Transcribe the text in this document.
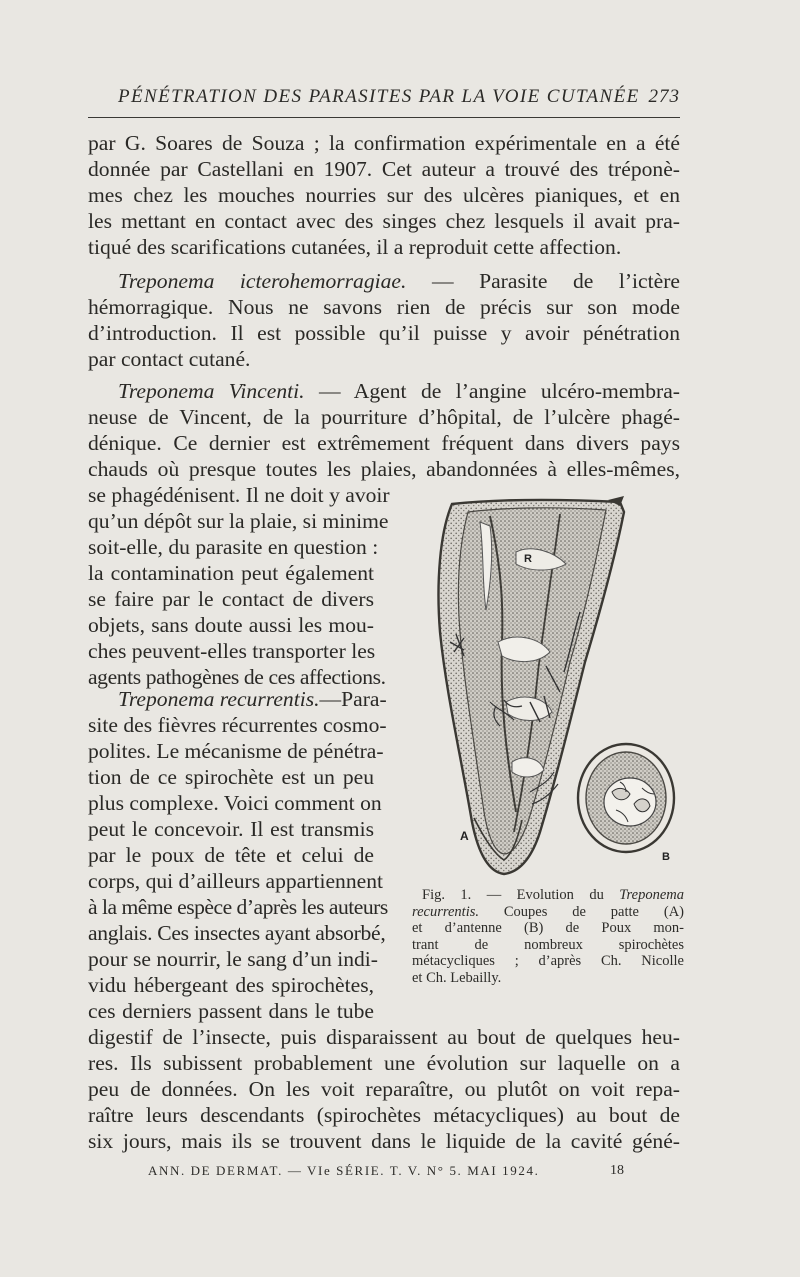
PÉNÉTRATION DES PARASITES PAR LA VOIE CUTANÉE 273
par G. Soares de Souza ; la confirmation expérimentale en a été
donnée par Castellani en 1907. Cet auteur a trouvé des tréponè-
mes chez les mouches nourries sur des ulcères pianiques, et en
les mettant en contact avec des singes chez lesquels il avait pra-
tiqué des scarifications cutanées, il a reproduit cette affection.
Treponema icterohemorragiae. — Parasite de l’ictère
hémorragique. Nous ne savons rien de précis sur son mode
d’introduction. Il est possible qu’il puisse y avoir pénétration
par contact cutané.
Treponema Vincenti. — Agent de l’angine ulcéro-membra-
neuse de Vincent, de la pourriture d’hôpital, de l’ulcère phagé-
dénique. Ce dernier est extrêmement fréquent dans divers pays
chauds où presque toutes les plaies, abandonnées à elles-mêmes,
se phagédénisent. Il ne doit y avoir
qu’un dépôt sur la plaie, si minime
soit-elle, du parasite en question :
la contamination peut également
se faire par le contact de divers
objets, sans doute aussi les mou-
ches peuvent-elles transporter les
agents pathogènes de ces affections.
Treponema recurrentis.—Para-
site des fièvres récurrentes cosmo-
polites. Le mécanisme de pénétra-
tion de ce spirochète est un peu
plus complexe. Voici comment on
peut le concevoir. Il est transmis
par le poux de tête et celui de
corps, qui d’ailleurs appartiennent
à la même espèce d’après les auteurs
anglais. Ces insectes ayant absorbé,
pour se nourrir, le sang d’un indi-
vidu hébergeant des spirochètes,
ces derniers passent dans le tube
digestif de l’insecte, puis disparaissent au bout de quelques heu-
res. Ils subissent probablement une évolution sur laquelle on a
peu de données. On les voit reparaître, ou plutôt on voit repa-
raître leurs descendants (spirochètes métacycliques) au bout de
six jours, mais ils se trouvent dans le liquide de la cavité géné-
A
B
R
Fig. 1. — Evolution du Treponema
recurrentis. Coupes de patte (A)
et d’antenne (B) de Poux mon-
trant de nombreux spirochètes
métacycliques ; d’après Ch. Nicolle
et Ch. Lebailly.
ANN. DE DERMAT. — VIe SÉRIE. T. V. N° 5. MAI 1924.	18
